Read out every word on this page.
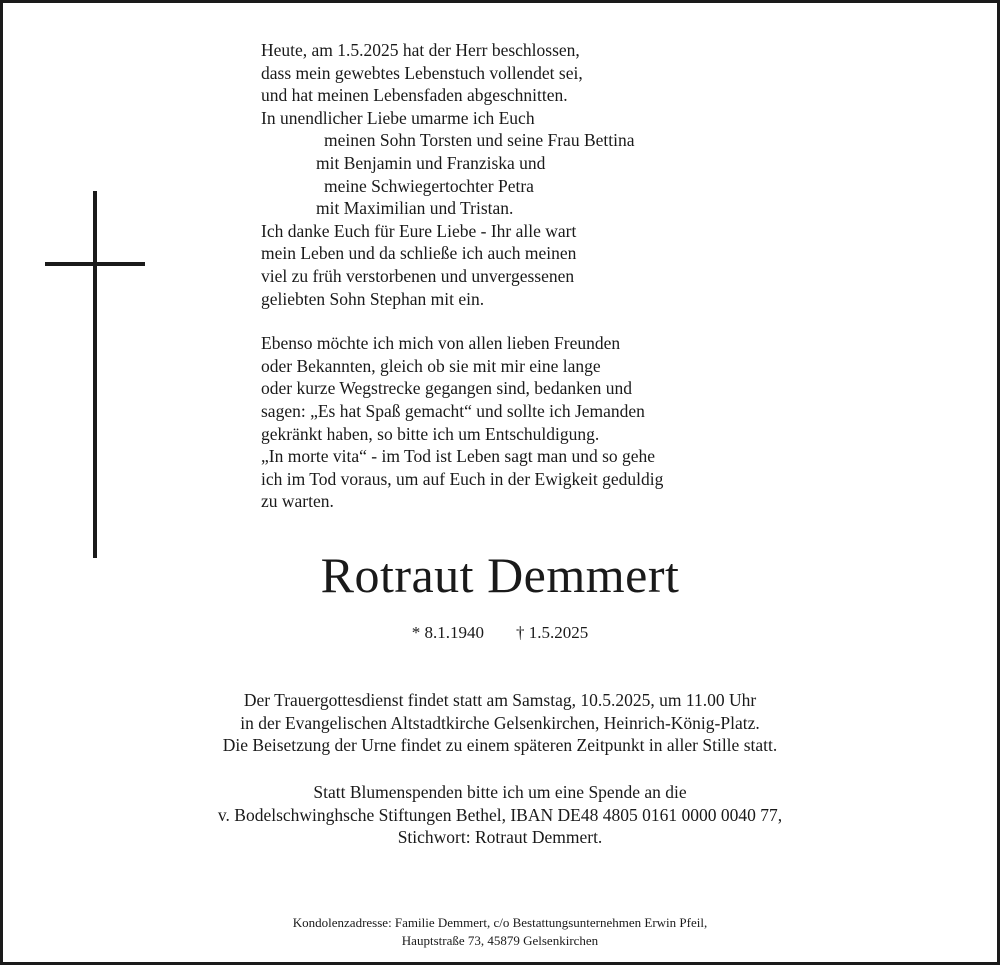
Heute, am 1.5.2025 hat der Herr beschlossen,
dass mein gewebtes Lebenstuch vollendet sei,
und hat meinen Lebensfaden abgeschnitten.
In unendlicher Liebe umarme ich Euch
meinen Sohn Torsten und seine Frau Bettina
mit Benjamin und Franziska und
meine Schwiegertochter Petra
mit Maximilian und Tristan.
Ich danke Euch für Eure Liebe - Ihr alle wart
mein Leben und da schließe ich auch meinen
viel zu früh verstorbenen und unvergessenen
geliebten Sohn Stephan mit ein.
Ebenso möchte ich mich von allen lieben Freunden
oder Bekannten, gleich ob sie mit mir eine lange
oder kurze Wegstrecke gegangen sind, bedanken und
sagen: „Es hat Spaß gemacht“ und sollte ich Jemanden
gekränkt haben, so bitte ich um Entschuldigung.
„In morte vita“ - im Tod ist Leben sagt man und so gehe
ich im Tod voraus, um auf Euch in der Ewigkeit geduldig
zu warten.
Rotraut Demmert
* 8.1.1940 † 1.5.2025
Der Trauergottesdienst findet statt am Samstag, 10.5.2025, um 11.00 Uhr
in der Evangelischen Altstadtkirche Gelsenkirchen, Heinrich-König-Platz.
Die Beisetzung der Urne findet zu einem späteren Zeitpunkt in aller Stille statt.
Statt Blumenspenden bitte ich um eine Spende an die
v. Bodelschwinghsche Stiftungen Bethel, IBAN DE48 4805 0161 0000 0040 77,
Stichwort: Rotraut Demmert.
Kondolenzadresse: Familie Demmert, c/o Bestattungsunternehmen Erwin Pfeil,
Hauptstraße 73, 45879 Gelsenkirchen
